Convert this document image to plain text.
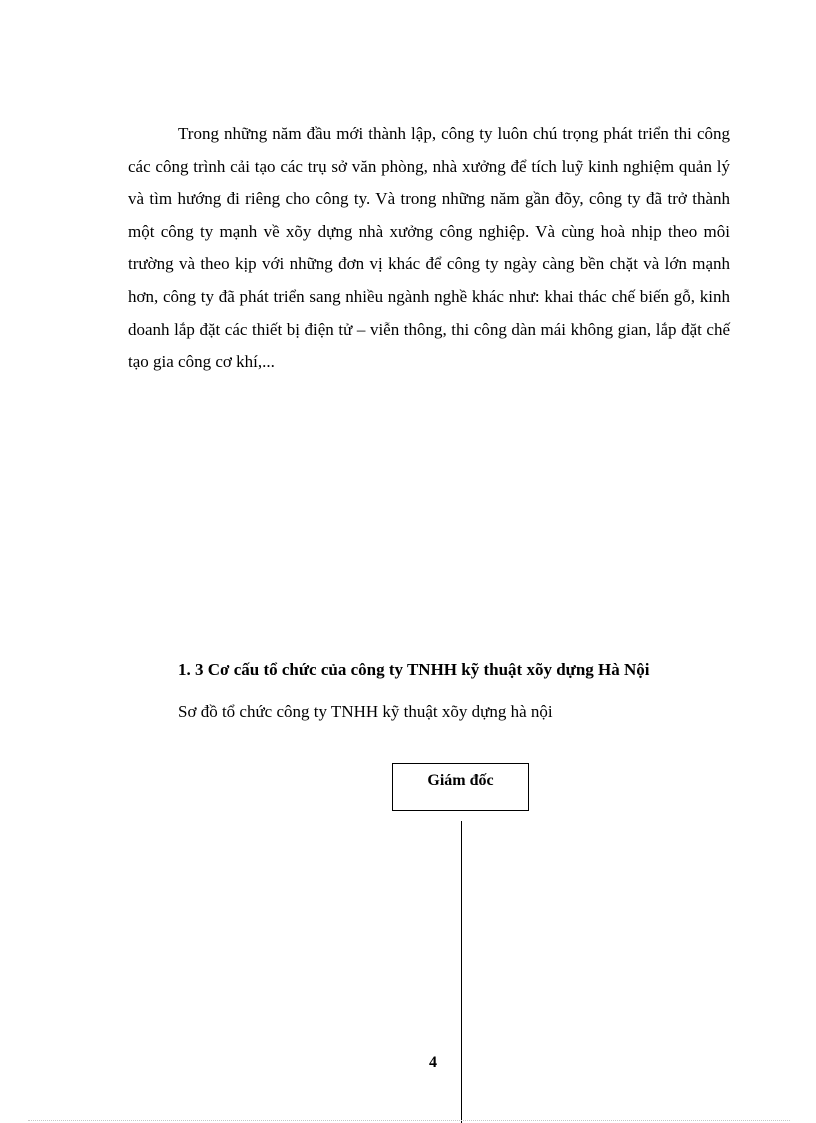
Trong những năm đầu mới thành lập, công ty luôn chú trọng phát triển thi công các công trình cải tạo các trụ sở văn phòng, nhà xưởng để tích luỹ kinh nghiệm quản lý và tìm hướng đi riêng cho công ty. Và trong những năm gần đõy, công ty đã trở thành một công ty mạnh về xõy dựng nhà xưởng công nghiệp. Và cùng hoà nhịp theo môi trường và theo kịp với những đơn vị khác để công ty ngày càng bền chặt và lớn mạnh hơn, công ty đã phát triển sang nhiều ngành nghề khác như: khai thác chế biến gỗ, kinh doanh lắp đặt các thiết bị điện tử – viễn thông, thi công dàn mái không gian, lắp đặt chế tạo gia công cơ khí,...

1. 3 Cơ cấu tổ chức của công ty TNHH kỹ thuật xõy dựng Hà Nội

Sơ đồ tổ chức công ty TNHH kỹ thuật xõy dựng hà nội

Giám đốc

4
